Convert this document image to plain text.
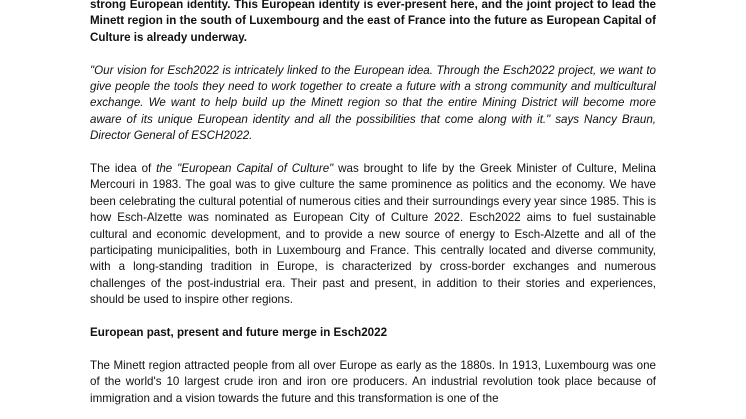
strong European identity. This European identity is ever-present here, and the joint project to lead the Minett region in the south of Luxembourg and the east of France into the future as European Capital of Culture is already underway.

"Our vision for Esch2022 is intricately linked to the European idea. Through the Esch2022 project, we want to give people the tools they need to work together to create a future with a strong community and multicultural exchange. We want to help build up the Minett region so that the entire Mining District will become more aware of its unique European identity and all the possibilities that come along with it." says Nancy Braun, Director General of ESCH2022.

The idea of the "European Capital of Culture" was brought to life by the Greek Minister of Culture, Melina Mercouri in 1983. The goal was to give culture the same prominence as politics and the economy. We have been celebrating the cultural potential of numerous cities and their surroundings every year since 1985. This is how Esch-Alzette was nominated as European City of Culture 2022. Esch2022 aims to fuel sustainable cultural and economic development, and to provide a new source of energy to Esch-Alzette and all of the participating municipalities, both in Luxembourg and France. This centrally located and diverse community, with a long-standing tradition in Europe, is characterized by cross-border exchanges and numerous challenges of the post-industrial era. Their past and present, in addition to their stories and experiences, should be used to inspire other regions.

European past, present and future merge in Esch2022

The Minett region attracted people from all over Europe as early as the 1880s. In 1913, Luxembourg was one of the world's 10 largest crude iron and iron ore producers. An industrial revolution took place because of immigration and a vision towards the future and this transformation is one of the
